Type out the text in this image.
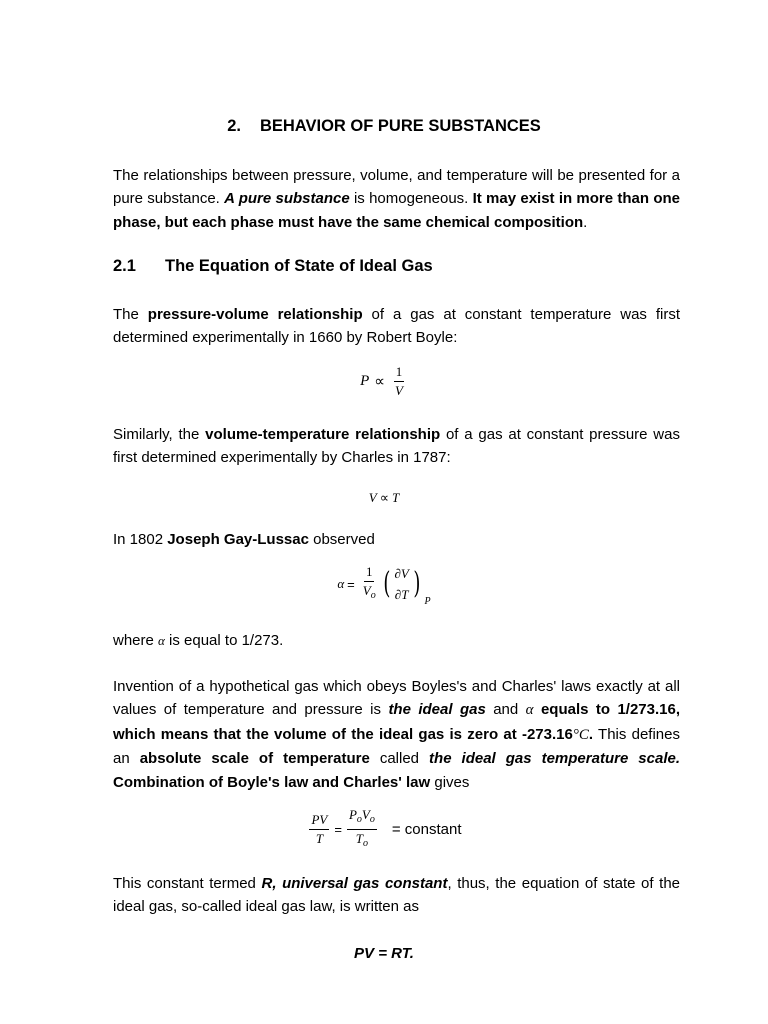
2. BEHAVIOR OF PURE SUBSTANCES

The relationships between pressure, volume, and temperature will be presented for a pure substance. A pure substance is homogeneous. It may exist in more than one phase, but each phase must have the same chemical composition.

2.1 The Equation of State of Ideal Gas

The pressure-volume relationship of a gas at constant temperature was first determined experimentally in 1660 by Robert Boyle:

$P \propto \frac{1}{V}$

Similarly, the volume-temperature relationship of a gas at constant pressure was first determined experimentally by Charles in 1787:

V ∝ T

In 1802 Joseph Gay-Lussac observed

$\alpha = \frac{1}{V_o}$ ( ∂V
∂T )
P

where α is equal to 1/273.

Invention of a hypothetical gas which obeys Boyles's and Charles' laws exactly at all values of temperature and pressure is the ideal gas and α equals to 1/273.16, which means that the volume of the ideal gas is zero at -273.16°C. This defines an absolute scale of temperature called the ideal gas temperature scale. Combination of Boyle's law and Charles' law gives

$\frac{PV}{T} = \frac{P_oV_o}{T_o}$ = constant

This constant termed R, universal gas constant, thus, the equation of state of the ideal gas, so-called ideal gas law, is written as

PV = RT.
